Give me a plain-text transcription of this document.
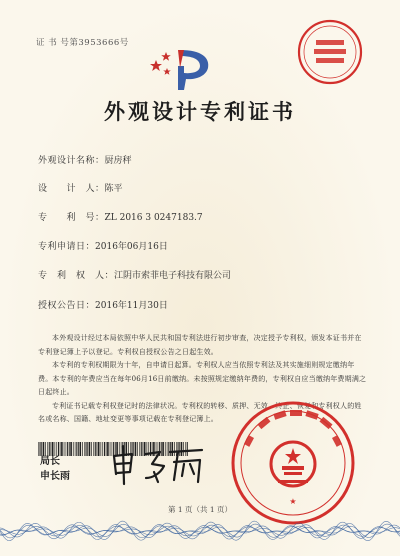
证 书 号第3953666号
外观设计专利证书
外观设计名称：厨房秤
设　　计　人：陈平
专　　利　号：ZL 2016 3 0247183.7
专利申请日：2016年06月16日
专　利　权　人：江阴市索菲电子科技有限公司
授权公告日：2016年11月30日

本外观设计经过本局依照中华人民共和国专利法进行初步审查，决定授予专利权，颁发本证书并在专利登记簿上予以登记。专利权自授权公告之日起生效。

本专利的专利权期限为十年，自申请日起算。专利权人应当依照专利法及其实施细则规定缴纳年费。本专利的年费应当在每年06月16日前缴纳。未按照规定缴纳年费的，专利权自应当缴纳年费期满之日起终止。

专利证书记载专利权登记时的法律状况。专利权的转移、质押、无效、终止、恢复和专利权人的姓名或名称、国籍、地址变更等事项记载在专利登记簿上。

局长
申长雨
★
第 1 页（共 1 页）
